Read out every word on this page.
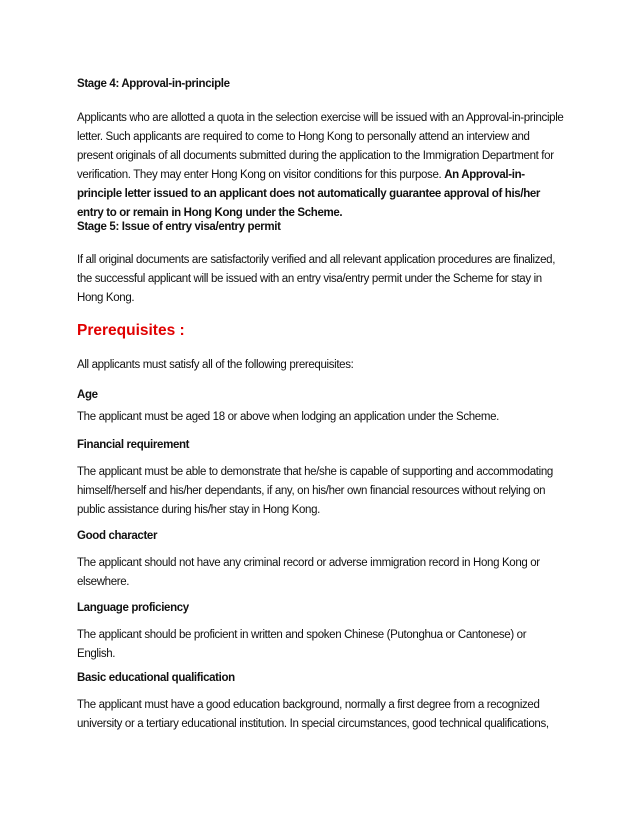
Stage 4: Approval-in-principle

Applicants who are allotted a quota in the selection exercise will be issued with an Approval-in-principle letter. Such applicants are required to come to Hong Kong to personally attend an interview and present originals of all documents submitted during the application to the Immigration Department for verification. They may enter Hong Kong on visitor conditions for this purpose. An Approval-in-principle letter issued to an applicant does not automatically guarantee approval of his/her entry to or remain in Hong Kong under the Scheme.

Stage 5: Issue of entry visa/entry permit

If all original documents are satisfactorily verified and all relevant application procedures are finalized, the successful applicant will be issued with an entry visa/entry permit under the Scheme for stay in Hong Kong.

Prerequisites :

All applicants must satisfy all of the following prerequisites:

Age

The applicant must be aged 18 or above when lodging an application under the Scheme.

Financial requirement

The applicant must be able to demonstrate that he/she is capable of supporting and accommodating himself/herself and his/her dependants, if any, on his/her own financial resources without relying on public assistance during his/her stay in Hong Kong.

Good character

The applicant should not have any criminal record or adverse immigration record in Hong Kong or elsewhere.

Language proficiency

The applicant should be proficient in written and spoken Chinese (Putonghua or Cantonese) or English.

Basic educational qualification

The applicant must have a good education background, normally a first degree from a recognized university or a tertiary educational institution. In special circumstances, good technical qualifications,
